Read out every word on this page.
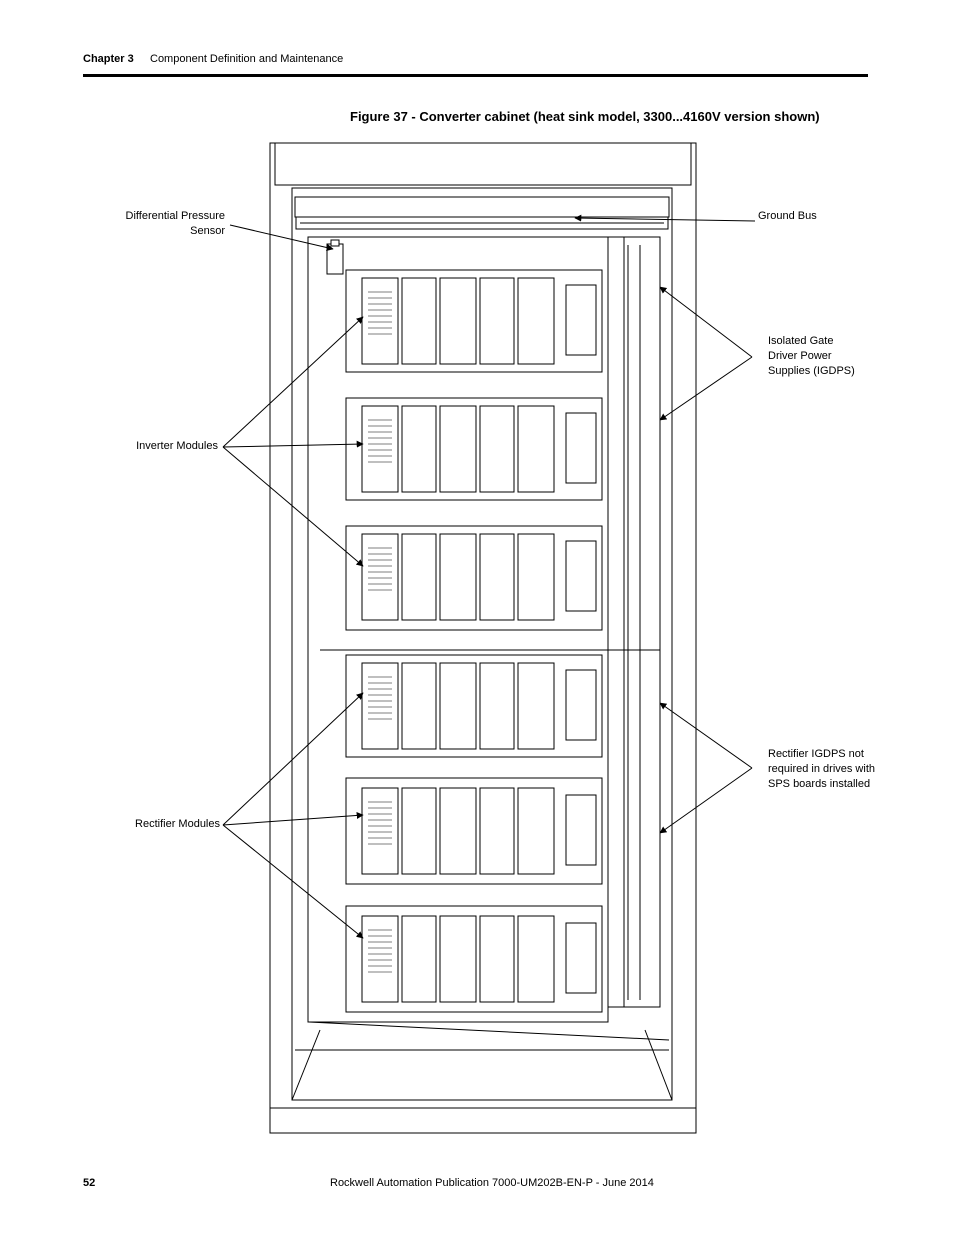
Chapter 3 Component Definition and Maintenance
Figure 37 - Converter cabinet (heat sink model, 3300...4160V version shown)
Differential Pressure
Sensor
Ground Bus
Isolated Gate
Driver Power
Supplies (IGDPS)
Inverter Modules
Rectifier Modules
Rectifier IGDPS not
required in drives with
SPS boards installed
52	Rockwell Automation Publication 7000-UM202B-EN-P - June 2014
